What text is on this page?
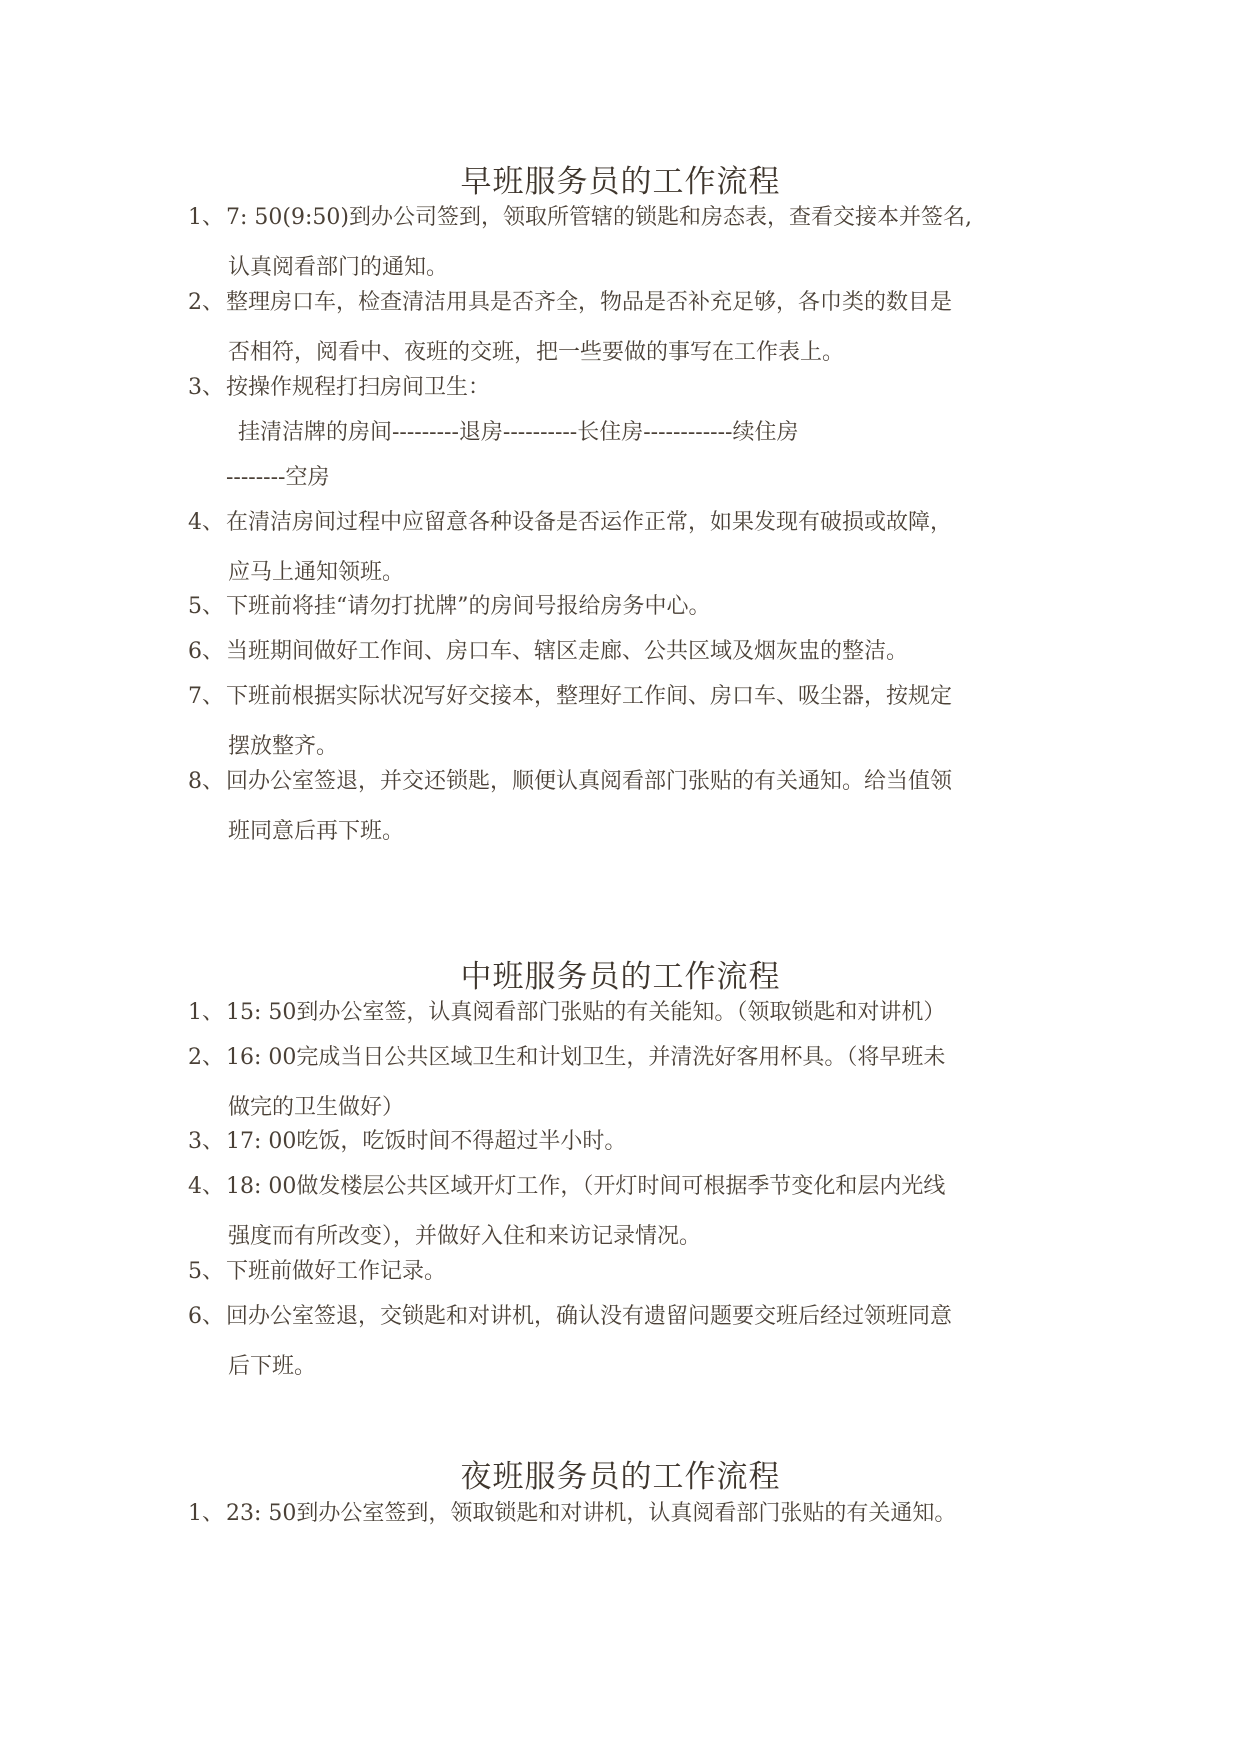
早班服务员的工作流程
1、7: 50(9:50)到办公司签到，领取所管辖的锁匙和房态表，查看交接本并签名,
认真阅看部门的通知。
2、整理房口车，检查清洁用具是否齐全，物品是否补充足够，各巾类的数目是
否相符，阅看中、夜班的交班，把一些要做的事写在工作表上。
3、按操作规程打扫房间卫生：
挂清洁牌的房间---------退房----------长住房------------续住房
--------空房
4、在清洁房间过程中应留意各种设备是否运作正常，如果发现有破损或故障，
应马上通知领班。
5、下班前将挂“请勿打扰牌”的房间号报给房务中心。
6、当班期间做好工作间、房口车、辖区走廊、公共区域及烟灰盅的整洁。
7、下班前根据实际状况写好交接本，整理好工作间、房口车、吸尘器，按规定
摆放整齐。
8、回办公室签退，并交还锁匙，顺便认真阅看部门张贴的有关通知。给当值领
班同意后再下班。
中班服务员的工作流程
1、15: 50到办公室签，认真阅看部门张贴的有关能知。（领取锁匙和对讲机）
2、16: 00完成当日公共区域卫生和计划卫生，并清洗好客用杯具。（将早班未
做完的卫生做好）
3、17: 00吃饭，吃饭时间不得超过半小时。
4、18: 00做发楼层公共区域开灯工作，（开灯时间可根据季节变化和层内光线
强度而有所改变），并做好入住和来访记录情况。
5、下班前做好工作记录。
6、回办公室签退，交锁匙和对讲机，确认没有遗留问题要交班后经过领班同意
后下班。
夜班服务员的工作流程
1、23: 50到办公室签到，领取锁匙和对讲机，认真阅看部门张贴的有关通知。
